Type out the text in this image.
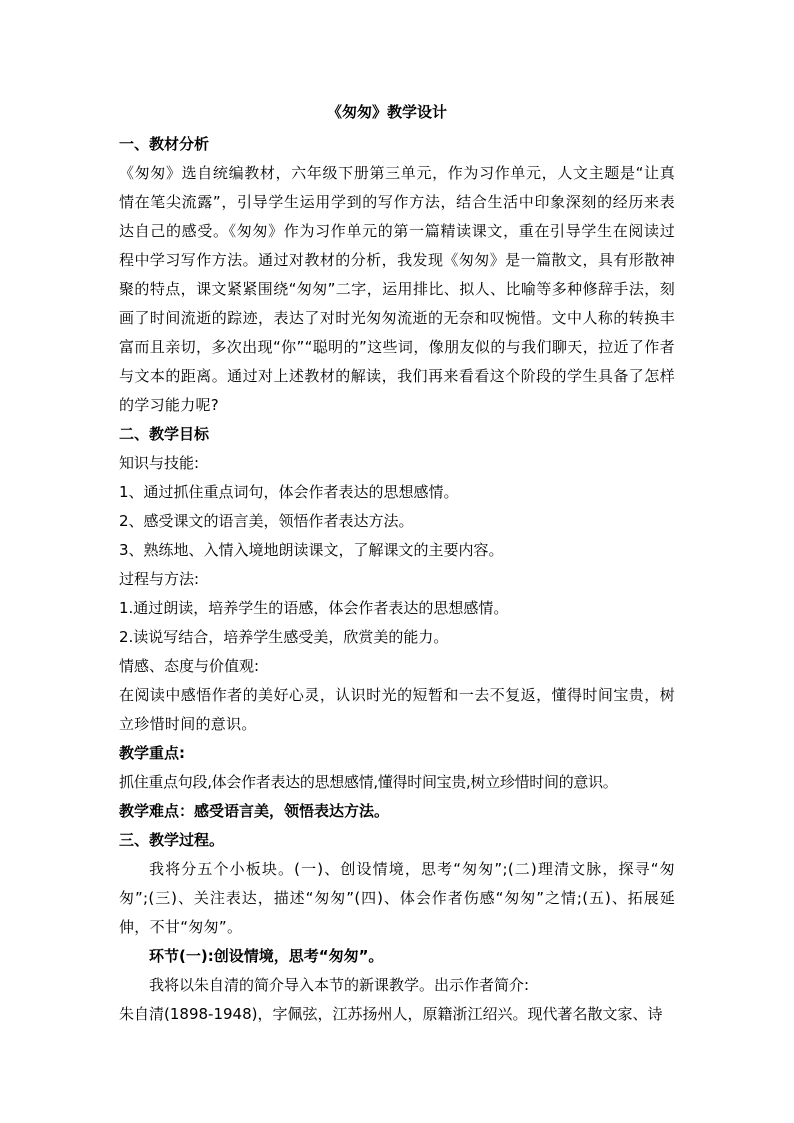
《匆匆》教学设计
一、教材分析
《匆匆》选自统编教材，六年级下册第三单元，作为习作单元，人文主题是“让真情在笔尖流露”，引导学生运用学到的写作方法，结合生活中印象深刻的经历来表达自己的感受。《匆匆》作为习作单元的第一篇精读课文，重在引导学生在阅读过程中学习写作方法。通过对教材的分析，我发现《匆匆》是一篇散文，具有形散神聚的特点，课文紧紧围绕“匆匆”二字，运用排比、拟人、比喻等多种修辞手法，刻画了时间流逝的踪迹，表达了对时光匆匆流逝的无奈和叹惋惜。文中人称的转换丰富而且亲切，多次出现“你”“聪明的”这些词，像朋友似的与我们聊天，拉近了作者与文本的距离。通过对上述教材的解读，我们再来看看这个阶段的学生具备了怎样的学习能力呢?
二、教学目标
知识与技能:
1、通过抓住重点词句，体会作者表达的思想感情。
2、感受课文的语言美，领悟作者表达方法。
3、熟练地、入情入境地朗读课文，了解课文的主要内容。
过程与方法:
1.通过朗读，培养学生的语感，体会作者表达的思想感情。
2.读说写结合，培养学生感受美，欣赏美的能力。
情感、态度与价值观:
在阅读中感悟作者的美好心灵，认识时光的短暂和一去不复返，懂得时间宝贵，树立珍惜时间的意识。
教学重点:
抓住重点句段,体会作者表达的思想感情,懂得时间宝贵,树立珍惜时间的意识。
教学难点：感受语言美，领悟表达方法。
三、教学过程。
我将分五个小板块。(一)、创设情境，思考“匆匆”;(二)理清文脉，探寻“匆匆”;(三)、关注表达，描述“匆匆”(四)、体会作者伤感“匆匆”之情;(五)、拓展延伸，不甘“匆匆”。
环节(一):创设情境，思考“匆匆”。
我将以朱自清的简介导入本节的新课教学。出示作者简介:
朱自清(1898-1948)，字佩弦，江苏扬州人，原籍浙江绍兴。现代著名散文家、诗
